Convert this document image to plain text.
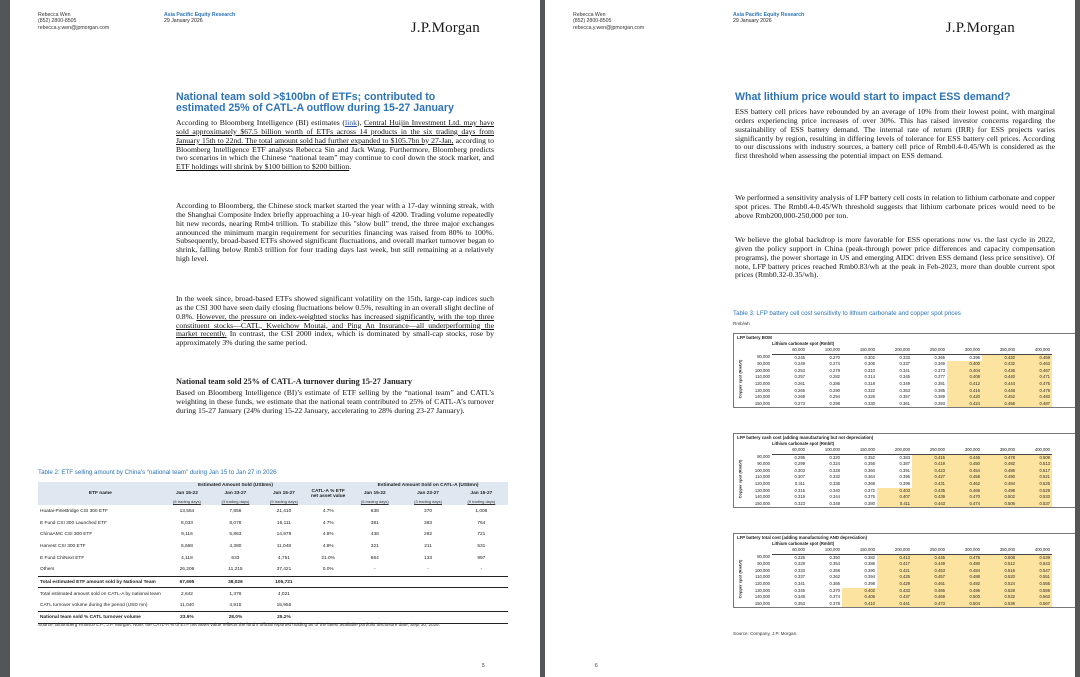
Rebecca Wen
(852) 2800-8505
rebecca.y.wen@jpmorgan.com
Asia Pacific Equity Research
29 January 2026	J.P.Morgan
National team sold >$100bn of ETFs; contributed to estimated 25% of CATL-A outflow during 15-27 January
According to Bloomberg Intelligence (BI) estimates (link), Central Huijin Investment Ltd. may have sold approximately $67.5 billion worth of ETFs across 14 products in the six trading days from January 15th to 22nd. The total amount sold had further expanded to $105.7bn by 27-Jan, according to Bloomberg Intelligence ETF analysts Rebecca Sin and Jack Wang. Furthermore, Bloomberg predicts two scenarios in which the Chinese “national team” may continue to cool down the stock market, and ETF holdings will shrink by $100 billion to $200 billion.
According to Bloomberg, the Chinese stock market started the year with a 17-day winning streak, with the Shanghai Composite Index briefly approaching a 10-year high of 4200. Trading volume repeatedly hit new records, nearing Rmb4 trillion. To stabilize this "slow bull" trend, the three major exchanges announced the minimum margin requirement for securities financing was raised from 80% to 100%. Subsequently, broad-based ETFs showed significant fluctuations, and overall market turnover began to shrink, falling below Rmb3 trillion for four trading days last week, but still remaining at a relatively high level.
In the week since, broad-based ETFs showed significant volatility on the 15th, large-cap indices such as the CSI 300 have seen daily closing fluctuations below 0.5%, resulting in an overall slight decline of 0.8%. However, the pressure on index-weighted stocks has increased significantly, with the top three constituent stocks—CATL, Kweichow Moutai, and Ping An Insurance—all underperforming the market recently. In contrast, the CSI 2000 index, which is dominated by small-cap stocks, rose by approximately 3% during the same period.
National team sold 25% of CATL-A turnover during 15-27 January
Based on Bloomberg Intelligence (BI)’s estimate of ETF selling by the “national team” and CATL’s weighting in these funds, we estimate that the national team contributed to 25% of CATL-A’s turnover during 15-27 January (24% during 15-22 January, accelerating to 28% during 23-27 January).
Table 2: ETF selling amount by China's “national team” during Jan 15 to Jan 27 in 2026
ETF name	Estimated Amount Sold (US$mn)			CATL-A % ETF net asset value	Estimated Amount Sold on CATL-A (US$mn)		
	Jan 15-22	Jan 23-27	Jan 15-27		Jan 15-22	Jan 23-27	Jan 15-27
	(6 trading days)	(3 trading days)	(9 trading days)		(6 trading days)	(3 trading days)	(9 trading days)
Huatai-PineBridge CSI 300 ETF	13,554	7,856	21,410	4.7%	638	370	1,008
E Fund CSI 300 Launched ETF	8,033	8,078	16,111	4.7%	381	383	764
ChinaAMC CSI 300 ETF	9,116	5,863	14,979	4.8%	438	282	721
Harvest CSI 300 ETF	6,668	4,380	11,048	4.8%	321	211	531
E Fund ChiNext ETF	4,118	633	4,751	21.0%	864	133	997
Others	26,206	11,215	37,421	0.0%	-	-	-
Total estimated ETF amount sold by National Team	67,695	38,026	105,721				
Total estimated amount sold on CATL-A by national team	2,642	1,378	4,021				
CATL turnover volume during the period (USD mn)	11,040	4,915	15,955				
National team sold % CATL turnover volume	23.9%	28.0%	25.2%				
Source: Bloomberg Finance L.P., J.P. Morgan. Note: the CATL-A % of ETF net asset value reflects the fund's official reported holding as of the latest available portfolio disclosure date, Sept 30, 2025.
5
Rebecca Wen
(852) 2800-8505
rebecca.y.wen@jpmorgan.com
Asia Pacific Equity Research
29 January 2026	J.P.Morgan
What lithium price would start to impact ESS demand?
ESS battery cell prices have rebounded by an average of 10% from their lowest point, with marginal orders experiencing price increases of over 30%. This has raised investor concerns regarding the sustainability of ESS battery demand. The internal rate of return (IRR) for ESS projects varies significantly by region, resulting in differing levels of tolerance for ESS battery cell prices. According to our discussions with industry sources, a battery cell price of Rmb0.4-0.45/Wh is considered as the first threshold when assessing the potential impact on ESS demand.
We performed a sensitivity analysis of LFP battery cell costs in relation to lithium carbonate and copper spot prices. The Rmb0.4-0.45/Wh threshold suggests that lithium carbonate prices would need to be above Rmb200,000-250,000 per ton.
We believe the global backdrop is more favorable for ESS operations now vs. the last cycle in 2022, given the policy support in China (peak-through power price differences and capacity compensation programs), the power shortage in US and emerging AIDC driven ESS demand (less price sensitive). Of note, LFP battery prices reached Rmb0.83/wh at the peak in Feb-2023, more than double current spot prices (Rmb0.32-0.35/wh).
Table 3: LFP battery cell cost sensitivity to lithium carbonate and copper spot prices
Rmb/wh
LFP battery BOM
Lithium carbonate spot (Rmb/t)
Copper spot (Rmb/t)
	60,000	100,000	150,000	200,000	250,000	300,000	350,000	400,000
80,000	0.245	0.270	0.302	0.333	0.365	0.396	0.420	0.459
90,000	0.249	0.274	0.306	0.337	0.369	0.400	0.432	0.463
100,000	0.253	0.278	0.310	0.341	0.373	0.404	0.436	0.467
110,000	0.257	0.282	0.314	0.345	0.377	0.408	0.440	0.471
120,000	0.261	0.286	0.318	0.349	0.381	0.412	0.444	0.475
130,000	0.265	0.290	0.322	0.353	0.385	0.416	0.448	0.479
140,000	0.269	0.294	0.326	0.357	0.389	0.420	0.452	0.483
150,000	0.273	0.298	0.330	0.361	0.393	0.424	0.456	0.487
LFP battery cash cost (adding manufacturing but not depreciation)
Lithium carbonate spot (Rmb/t)
Copper spot (Rmb/t)
	60,000	100,000	150,000	200,000	250,000	300,000	350,000	400,000
80,000	0.295	0.320	0.352	0.383	0.415	0.446	0.478	0.509
90,000	0.299	0.324	0.356	0.387	0.419	0.450	0.482	0.513
100,000	0.303	0.328	0.360	0.391	0.423	0.454	0.486	0.517
110,000	0.307	0.332	0.364	0.395	0.427	0.458	0.490	0.521
120,000	0.311	0.336	0.368	0.399	0.431	0.462	0.494	0.525
130,000	0.315	0.340	0.372	0.403	0.435	0.466	0.498	0.529
140,000	0.319	0.344	0.376	0.407	0.439	0.470	0.502	0.533
150,000	0.323	0.348	0.380	0.411	0.443	0.474	0.506	0.537
LFP battery total cost (adding manufacturing AND depreciation)
Lithium carbonate spot (Rmb/t)
Copper spot (Rmb/t)
	60,000	100,000	150,000	200,000	250,000	300,000	350,000	400,000
80,000	0.325	0.350	0.382	0.413	0.445	0.476	0.508	0.539
90,000	0.329	0.354	0.386	0.417	0.449	0.480	0.512	0.543
100,000	0.333	0.358	0.390	0.421	0.453	0.484	0.516	0.547
110,000	0.337	0.362	0.394	0.425	0.457	0.488	0.520	0.551
120,000	0.341	0.366	0.398	0.429	0.461	0.492	0.524	0.555
130,000	0.345	0.370	0.402	0.433	0.465	0.496	0.528	0.559
140,000	0.349	0.374	0.406	0.437	0.469	0.500	0.532	0.563
150,000	0.353	0.378	0.410	0.441	0.473	0.504	0.536	0.567
Source: Company, J.P. Morgan.
6
